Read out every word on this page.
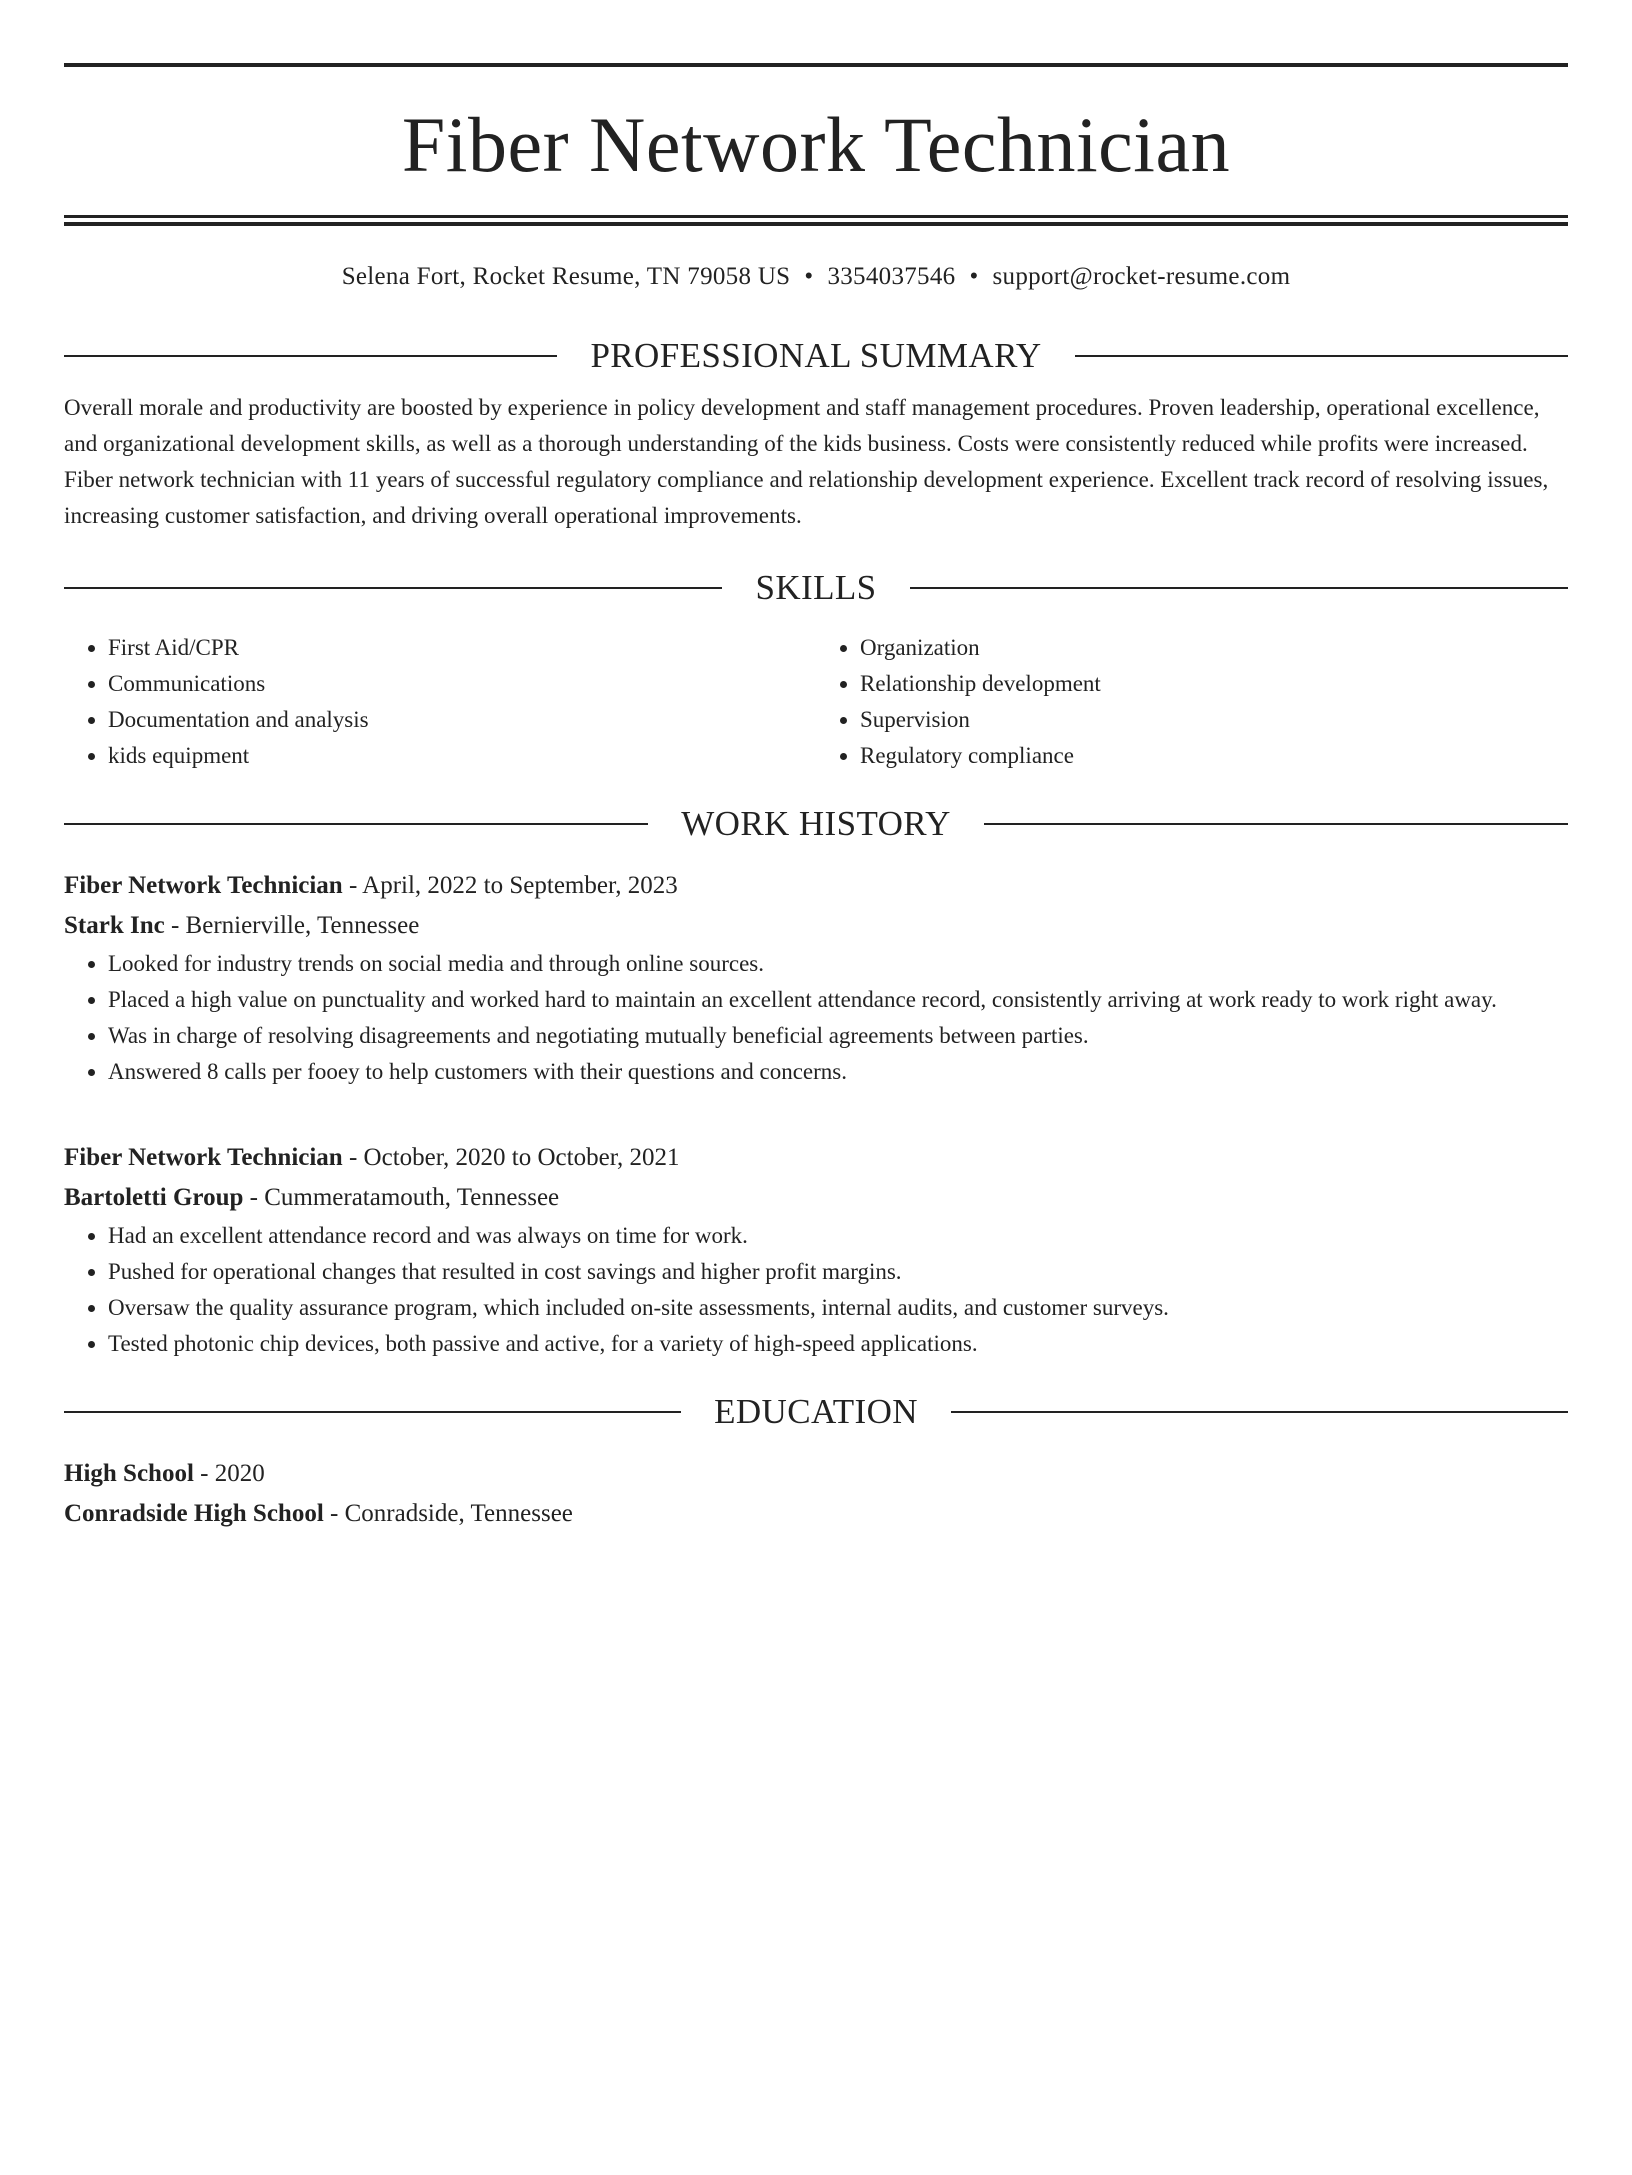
Fiber Network Technician
Selena Fort, Rocket Resume, TN 79058 US • 3354037546 • support@rocket-resume.com
PROFESSIONAL SUMMARY
Overall morale and productivity are boosted by experience in policy development and staff management procedures. Proven leadership, operational excellence, and organizational development skills, as well as a thorough understanding of the kids business. Costs were consistently reduced while profits were increased. Fiber network technician with 11 years of successful regulatory compliance and relationship development experience. Excellent track record of resolving issues, increasing customer satisfaction, and driving overall operational improvements.
SKILLS
• First Aid/CPR
• Communications
• Documentation and analysis
• kids equipment
• Organization
• Relationship development
• Supervision
• Regulatory compliance
WORK HISTORY
Fiber Network Technician - April, 2022 to September, 2023
Stark Inc - Bernierville, Tennessee
• Looked for industry trends on social media and through online sources.
• Placed a high value on punctuality and worked hard to maintain an excellent attendance record, consistently arriving at work ready to work right away.
• Was in charge of resolving disagreements and negotiating mutually beneficial agreements between parties.
• Answered 8 calls per fooey to help customers with their questions and concerns.
Fiber Network Technician - October, 2020 to October, 2021
Bartoletti Group - Cummeratamouth, Tennessee
• Had an excellent attendance record and was always on time for work.
• Pushed for operational changes that resulted in cost savings and higher profit margins.
• Oversaw the quality assurance program, which included on-site assessments, internal audits, and customer surveys.
• Tested photonic chip devices, both passive and active, for a variety of high-speed applications.
EDUCATION
High School - 2020
Conradside High School - Conradside, Tennessee
